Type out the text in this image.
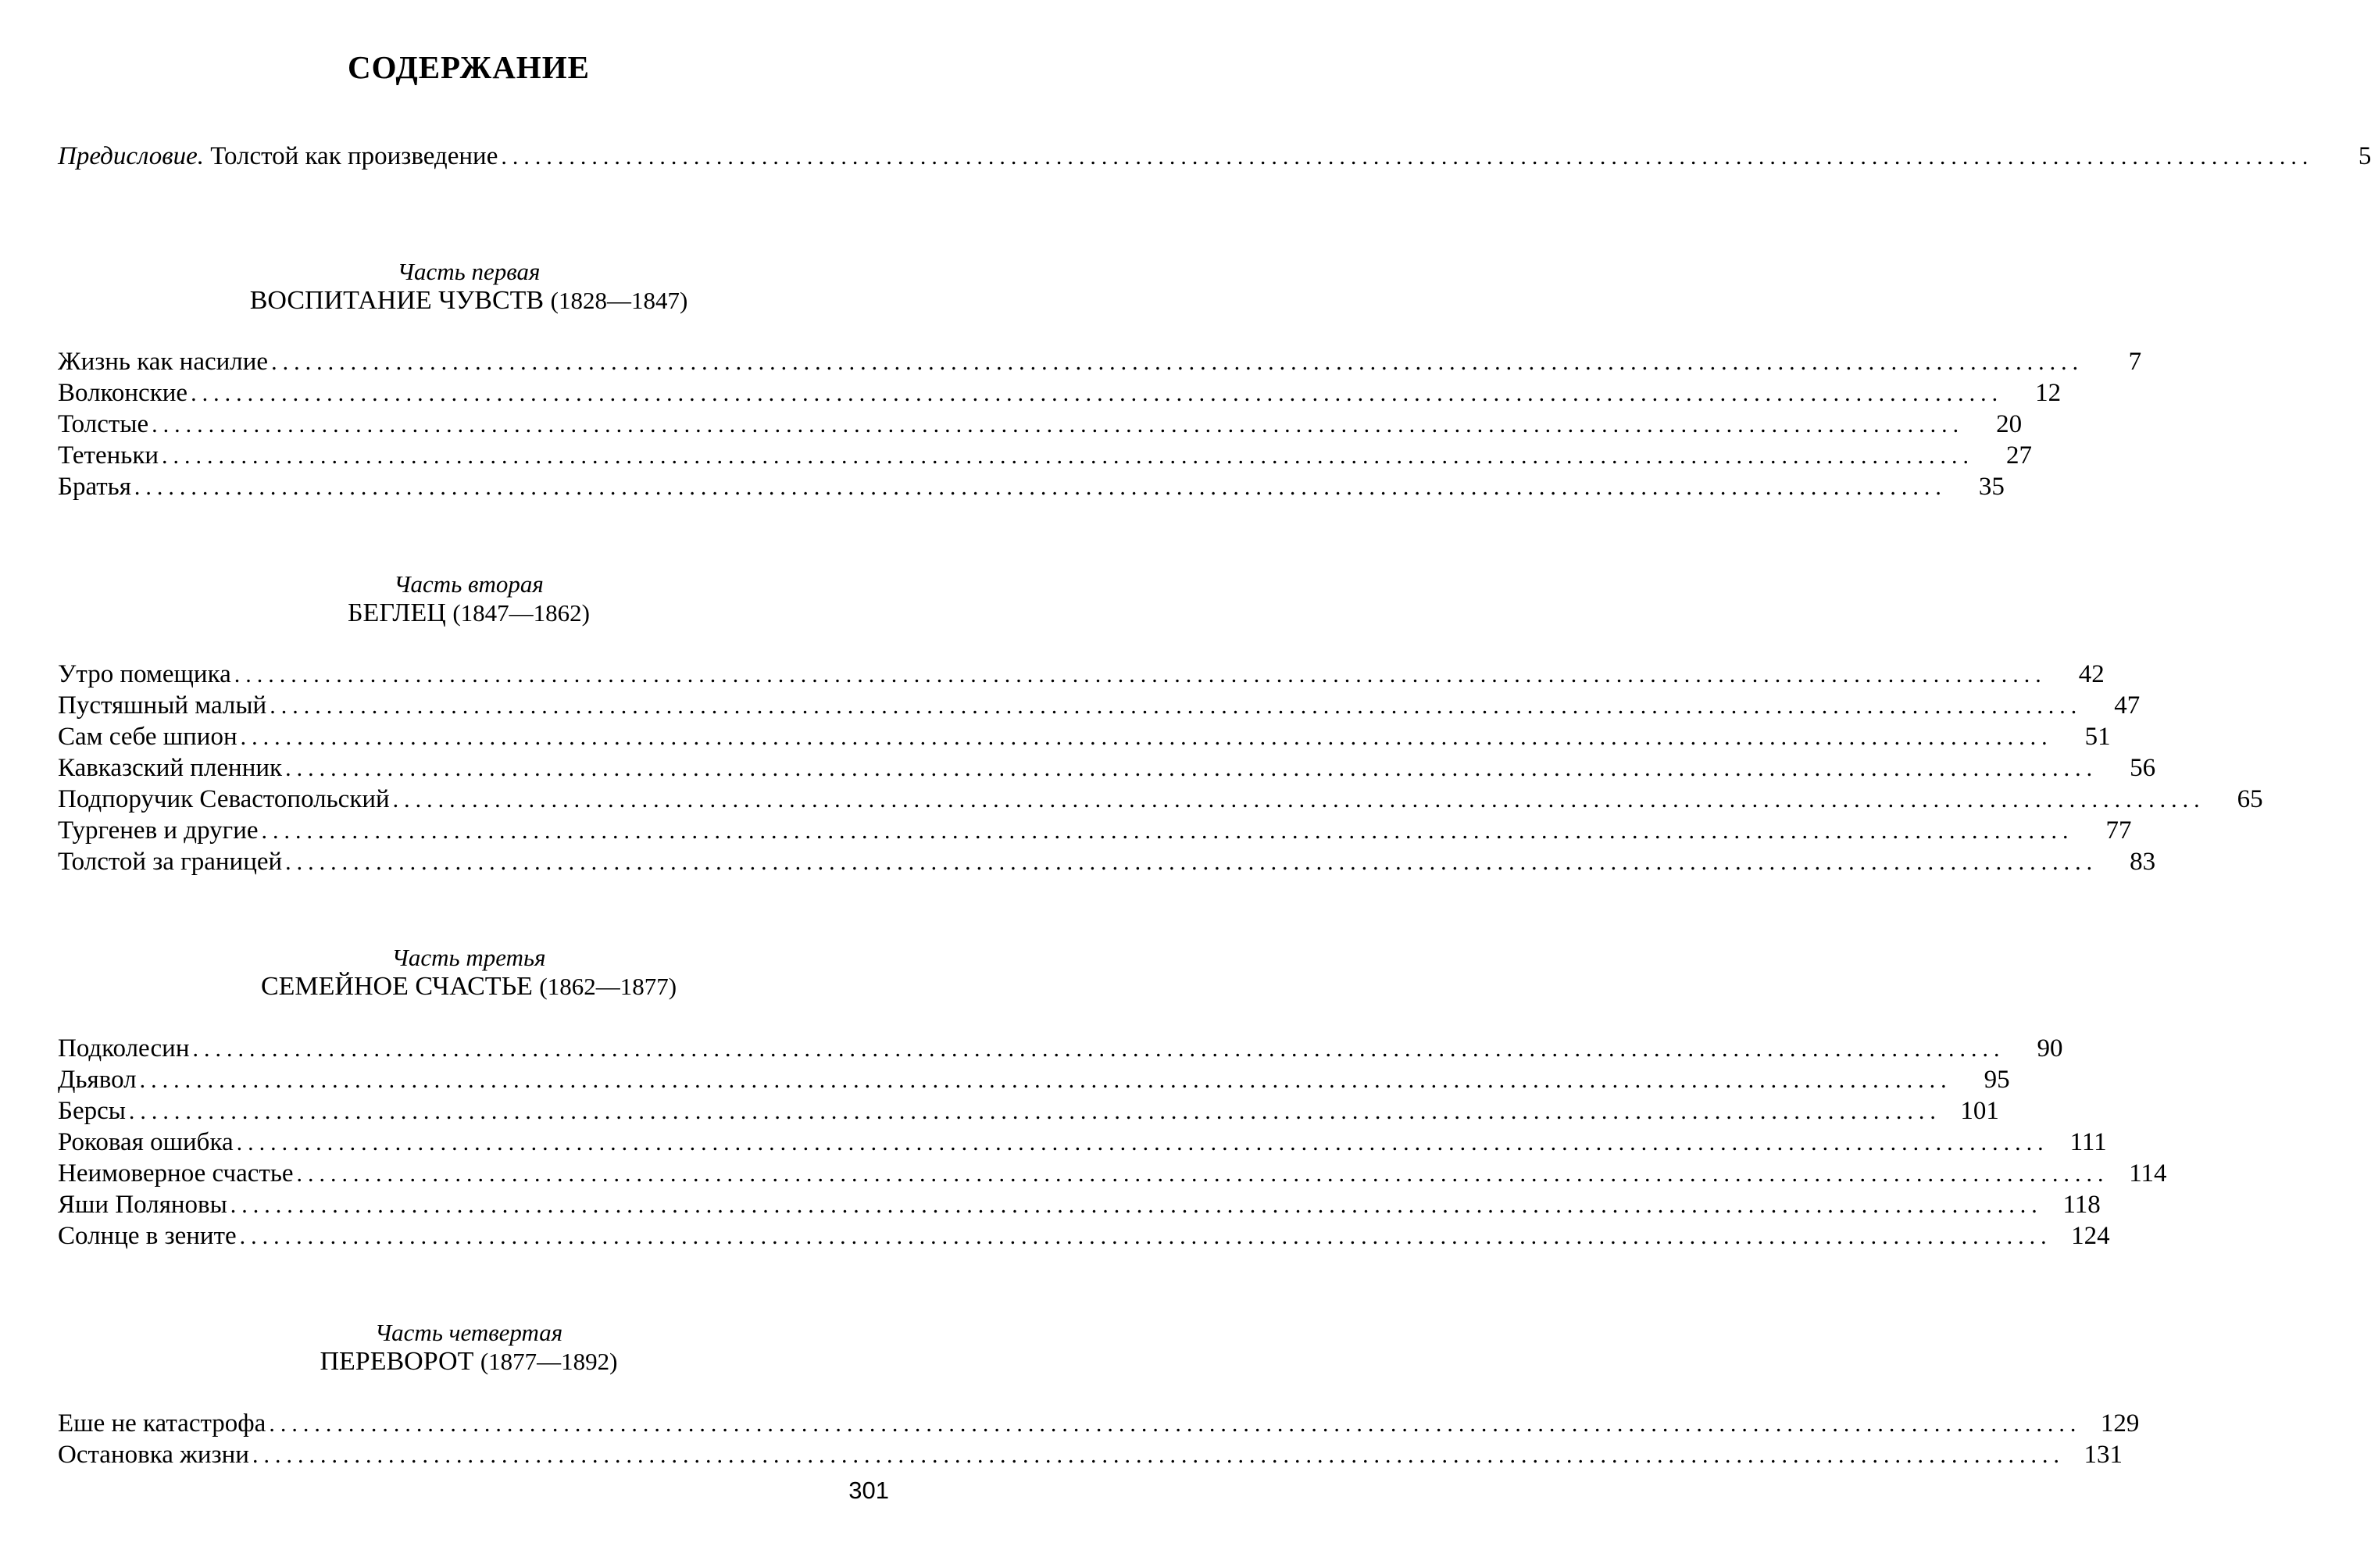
СОДЕРЖАНИЕ
Предисловие. Толстой как произведение ................................................................................................................................................................	5
Часть первая
ВОСПИТАНИЕ ЧУВСТВ (1828—1847)
Жизнь как насилие ................................................................................................................................................................	7
Волконские ................................................................................................................................................................	12
Толстые ................................................................................................................................................................	20
Тетеньки ................................................................................................................................................................	27
Братья ................................................................................................................................................................	35
Часть вторая
БЕГЛЕЦ (1847—1862)
Утро помещика ................................................................................................................................................................	42
Пустяшный малый ................................................................................................................................................................	47
Сам себе шпион ................................................................................................................................................................	51
Кавказский пленник ................................................................................................................................................................	56
Подпоручик Севастопольский ................................................................................................................................................................	65
Тургенев и другие ................................................................................................................................................................	77
Толстой за границей ................................................................................................................................................................	83
Часть третья
СЕМЕЙНОЕ СЧАСТЬЕ (1862—1877)
Подколесин ................................................................................................................................................................	90
Дьявол ................................................................................................................................................................	95
Берсы ................................................................................................................................................................ 101
Роковая ошибка ................................................................................................................................................................ 111
Неимоверное счастье ................................................................................................................................................................ 114
Яши Поляновы ................................................................................................................................................................ 118
Солнце в зените ................................................................................................................................................................ 124
Часть четвертая
ПЕРЕВОРОТ (1877—1892)
Еше не катастрофа ................................................................................................................................................................ 129
Остановка жизни ................................................................................................................................................................ 131
301
